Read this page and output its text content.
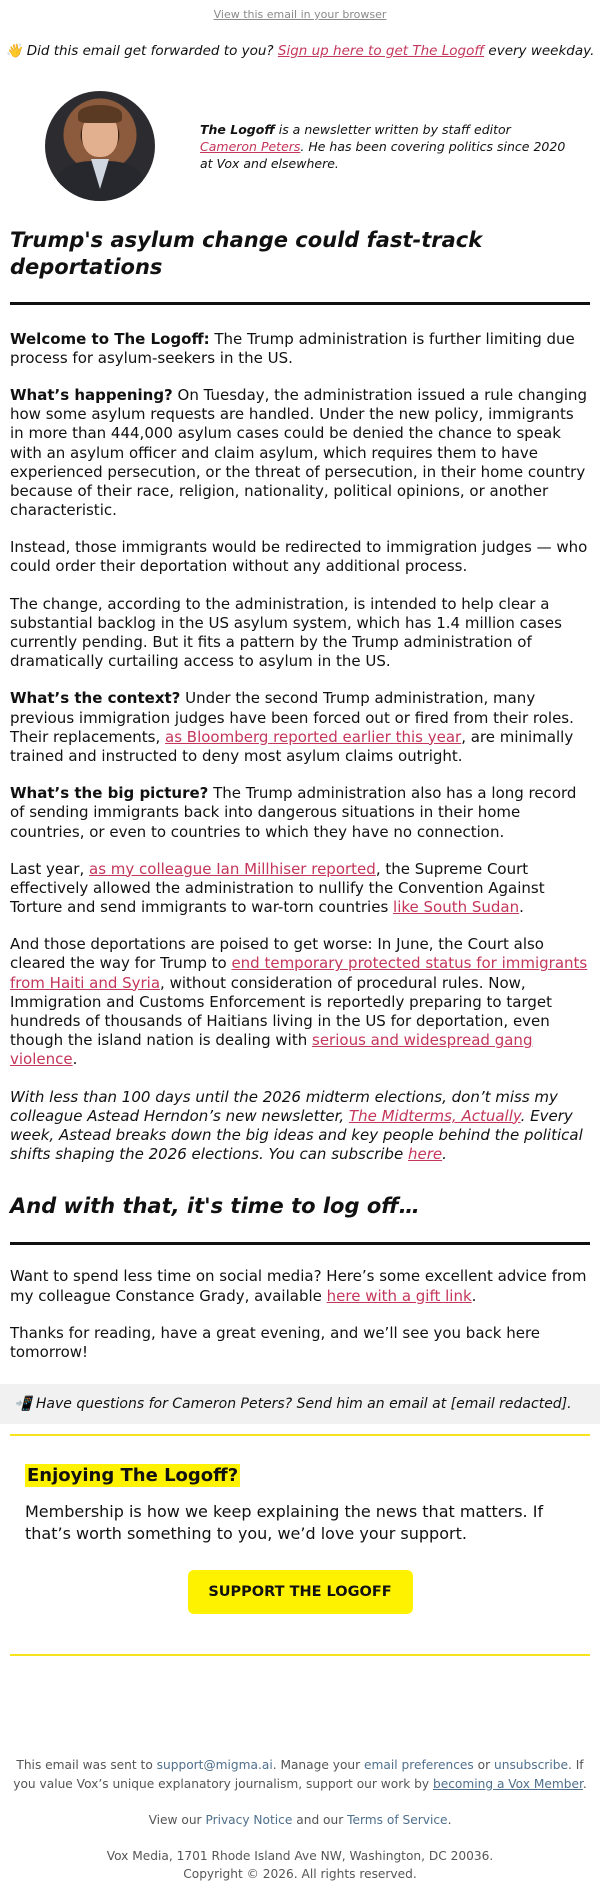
View this email in your browser
👋 Did this email get forwarded to you? Sign up here to get The Logoff every weekday.
The Logoff is a newsletter written by staff editor Cameron Peters. He has been covering politics since 2020 at Vox and elsewhere.
Trump's asylum change could fast-track deportations

Welcome to The Logoff: The Trump administration is further limiting due process for asylum-seekers in the US.

What’s happening? On Tuesday, the administration issued a rule changing how some asylum requests are handled. Under the new policy, immigrants in more than 444,000 asylum cases could be denied the chance to speak with an asylum officer and claim asylum, which requires them to have experienced persecution, or the threat of persecution, in their home country because of their race, religion, nationality, political opinions, or another characteristic.

Instead, those immigrants would be redirected to immigration judges — who could order their deportation without any additional process.

The change, according to the administration, is intended to help clear a substantial backlog in the US asylum system, which has 1.4 million cases currently pending. But it fits a pattern by the Trump administration of dramatically curtailing access to asylum in the US.

What’s the context? Under the second Trump administration, many previous immigration judges have been forced out or fired from their roles. Their replacements, as Bloomberg reported earlier this year, are minimally trained and instructed to deny most asylum claims outright.

What’s the big picture? The Trump administration also has a long record of sending immigrants back into dangerous situations in their home countries, or even to countries to which they have no connection.

Last year, as my colleague Ian Millhiser reported, the Supreme Court effectively allowed the administration to nullify the Convention Against Torture and send immigrants to war-torn countries like South Sudan.

And those deportations are poised to get worse: In June, the Court also cleared the way for Trump to end temporary protected status for immigrants from Haiti and Syria, without consideration of procedural rules. Now, Immigration and Customs Enforcement is reportedly preparing to target hundreds of thousands of Haitians living in the US for deportation, even though the island nation is dealing with serious and widespread gang violence.

With less than 100 days until the 2026 midterm elections, don’t miss my colleague Astead Herndon’s new newsletter, The Midterms, Actually. Every week, Astead breaks down the big ideas and key people behind the political shifts shaping the 2026 elections. You can subscribe here.

And with that, it's time to log off…

Want to spend less time on social media? Here’s some excellent advice from my colleague Constance Grady, available here with a gift link.

Thanks for reading, have a great evening, and we’ll see you back here tomorrow!

📲 Have questions for Cameron Peters? Send him an email at [email redacted].
Enjoying The Logoff?

Membership is how we keep explaining the news that matters. If that’s worth something to you, we’d love your support.

SUPPORT THE LOGOFF
This email was sent to support@migma.ai. Manage your email preferences or unsubscribe. If you value Vox’s unique explanatory journalism, support our work by becoming a Vox Member.
View our Privacy Notice and our Terms of Service.
Vox Media, 1701 Rhode Island Ave NW, Washington, DC 20036.
Copyright © 2026. All rights reserved.
